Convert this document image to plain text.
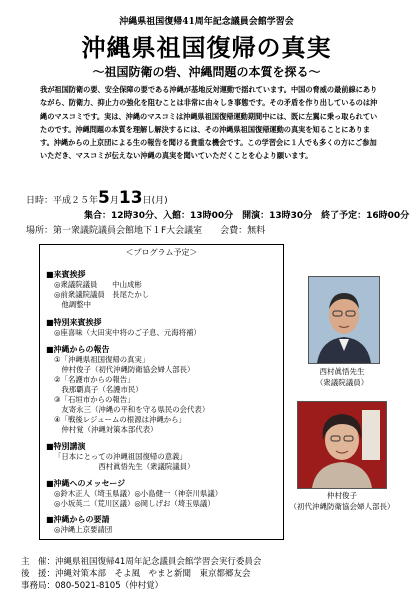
沖縄県祖国復帰41周年記念議員会館学習会
沖縄県祖国復帰の真実
〜祖国防衛の砦、沖縄問題の本質を探る〜
我が祖国防衛の要、安全保障の要である沖縄が基地反対運動で揺れています。中国の脅威の最前線にありながら、防衛力、抑止力の強化を阻むことは非常に由々しき事態です。その矛盾を作り出しているのは沖縄のマスコミです。実は、沖縄のマスコミは沖縄県祖国復帰運動期間中には、既に左翼に乗っ取られていたのです。沖縄問題の本質を理解し解決するには、その沖縄県祖国復帰運動の真実を知ることにあります。沖縄からの上京団による生の報告を聞ける貴重な機会です。この学習会に１人でも多くの方にご参加いただき、マスコミが伝えない沖縄の真実を聞いていただくことを心より願います。
日時：平成２５年5月13日(月)
集合：12時30分、入館：13時00分　開演：13時30分　終了予定：16時00分
場所：第一衆議院議員会館地下１F大会議室　　会費：無料
＜プログラム予定＞
■来賓挨拶
◎衆議院議員　　中山成彬
◎前衆議院議員　長尾たかし
　他調整中
■特別来賓挨拶
◎座喜味（大田実中将のご子息、元海将補）
■沖縄からの報告
①「沖縄県祖国復帰の真実」
　仲村俊子（初代沖縄防衛協会婦人部長）
②「名護市からの報告」
　我那覇真子（名護市民）
③「石垣市からの報告」
　友寄永三（沖縄の平和を守る県民の会代表）
④「戦後レジュームの根源は沖縄から」
　仲村覚（沖縄対策本部代表）
■特別講演
「日本にとっての沖縄祖国復帰の意義」
　　　　　　西村眞悟先生（衆議院議員）
■沖縄へのメッセージ
◎鈴木正人（埼玉県議）◎小島健一（神奈川県議）
◎小坂英二（荒川区議）◎岡しげお（埼玉県議）
■沖縄からの要請
◎沖縄上京要請団
西村眞悟先生
（衆議院議員）
仲村俊子
（初代沖縄防衛協会婦人部長）
主　催：沖縄県祖国復帰41周年記念議員会館学習会実行委員会
後　援：沖縄対策本部　そよ風　やまと新聞　東京都郷友会
事務局：080-5021-8105（仲村覚）
